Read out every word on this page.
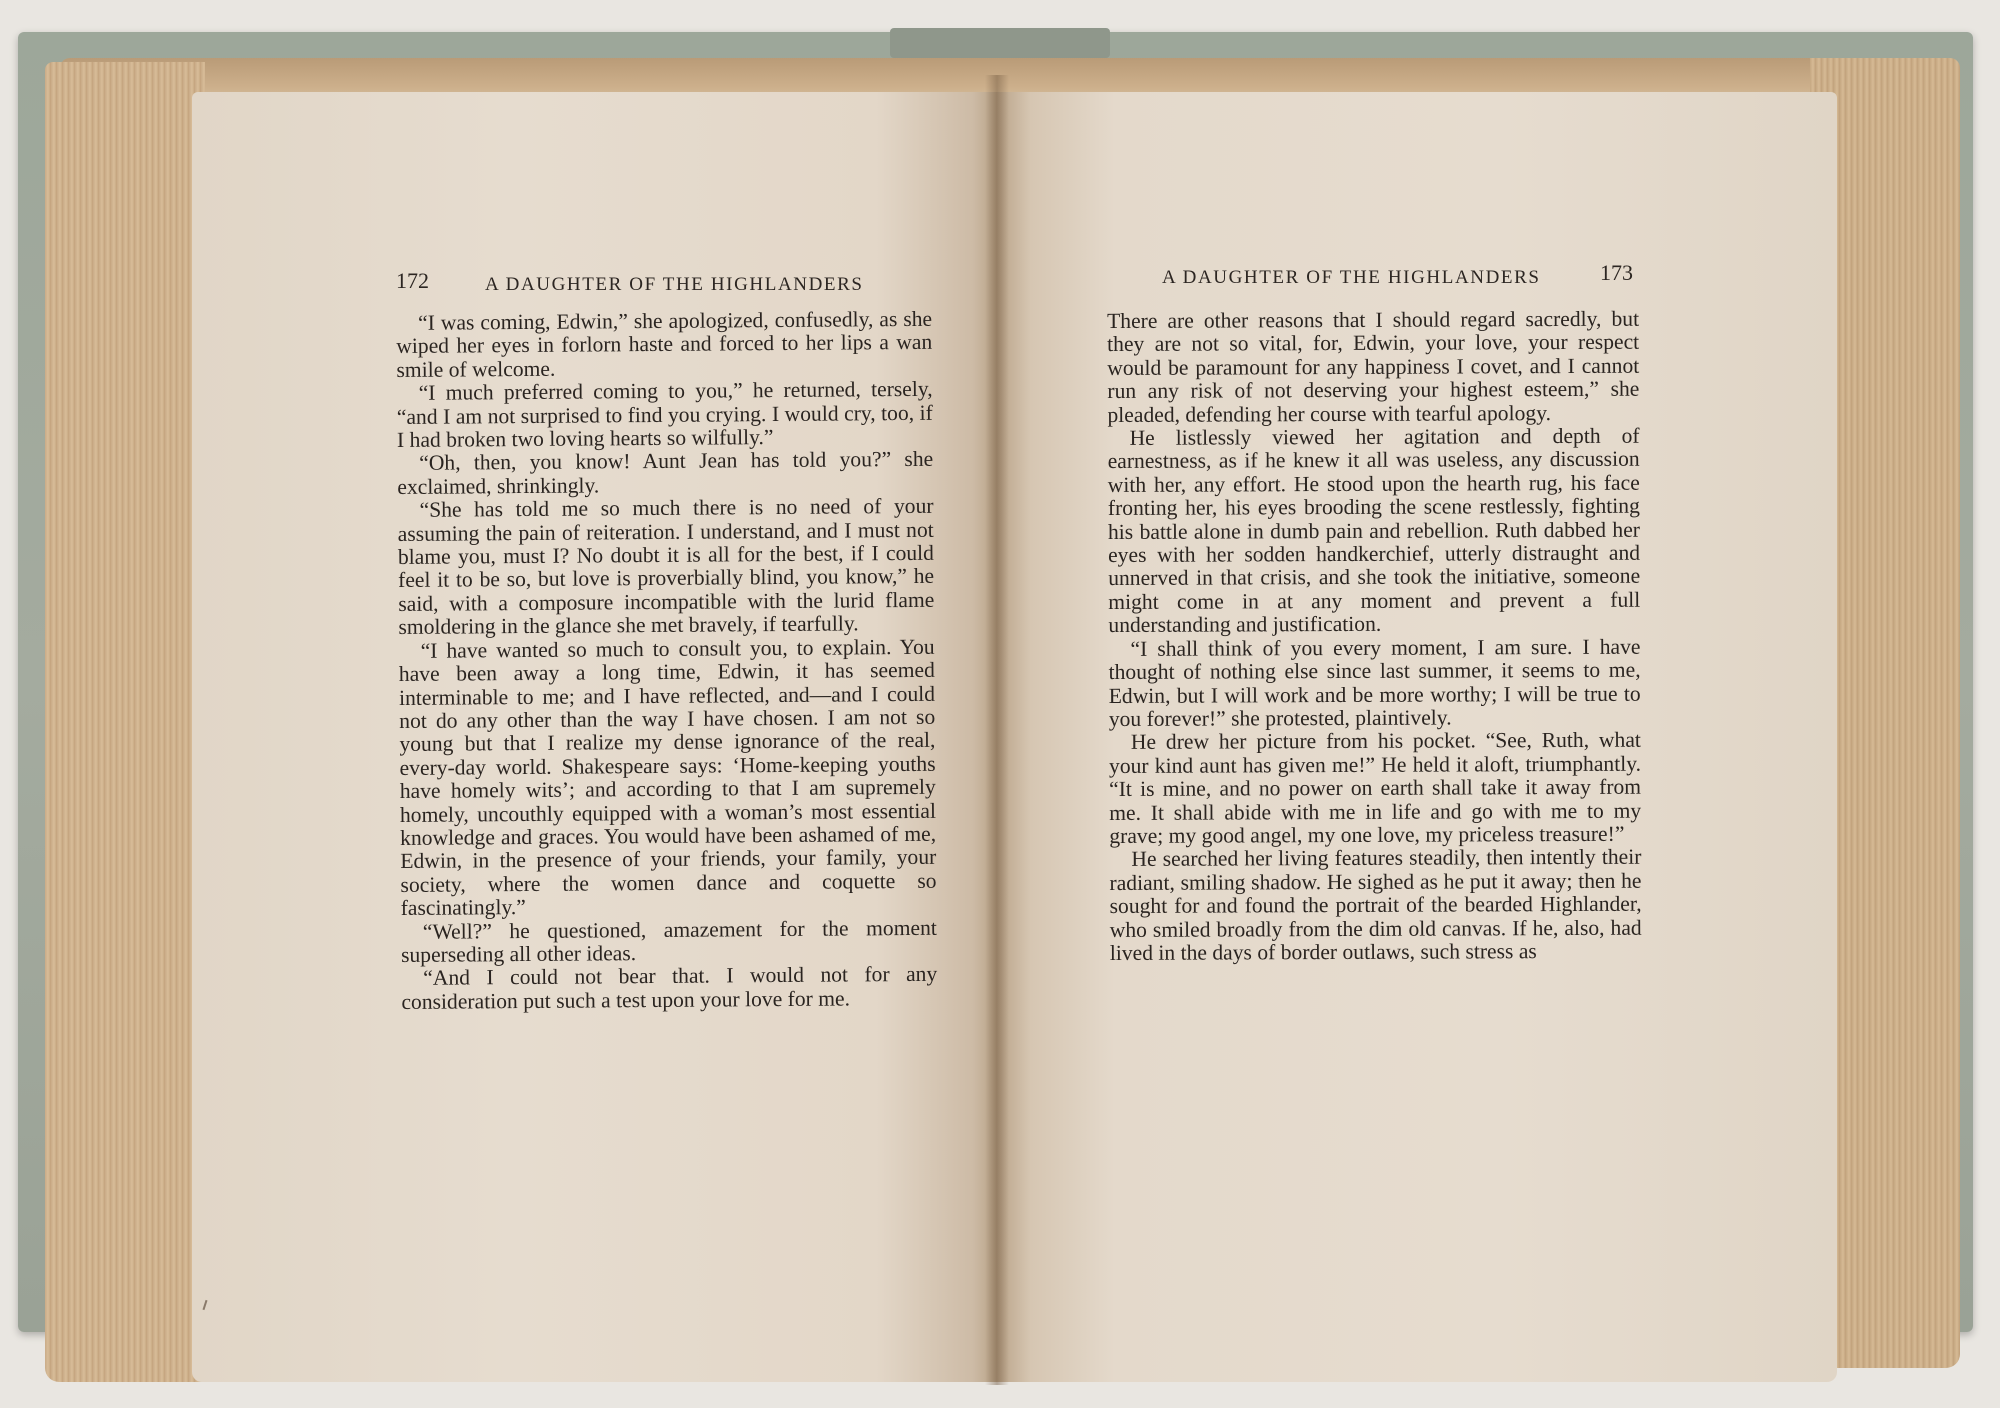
172	A DAUGHTER OF THE HIGHLANDERS	A DAUGHTER OF THE HIGHLANDERS	173

“I was coming, Edwin,” she apologized, confusedly, as she wiped her eyes in forlorn haste and forced to her lips a wan smile of welcome.

“I much preferred coming to you,” he returned, tersely, “and I am not surprised to find you crying. I would cry, too, if I had broken two loving hearts so wilfully.”

“Oh, then, you know! Aunt Jean has told you?” she exclaimed, shrinkingly.

“She has told me so much there is no need of your assuming the pain of reiteration. I understand, and I must not blame you, must I? No doubt it is all for the best, if I could feel it to be so, but love is proverbially blind, you know,” he said, with a composure incompatible with the lurid flame smoldering in the glance she met bravely, if tearfully.

“I have wanted so much to consult you, to explain. You have been away a long time, Edwin, it has seemed interminable to me; and I have reflected, and—and I could not do any other than the way I have chosen. I am not so young but that I realize my dense ignorance of the real, every-day world. Shakespeare says: ‘Home-keeping youths have homely wits’; and according to that I am supremely homely, uncouthly equipped with a woman’s most essential knowledge and graces. You would have been ashamed of me, Edwin, in the presence of your friends, your family, your society, where the women dance and coquette so fascinatingly.”

“Well?” he questioned, amazement for the moment superseding all other ideas.

“And I could not bear that. I would not for any consideration put such a test upon your love for me.

There are other reasons that I should regard sacredly, but they are not so vital, for, Edwin, your love, your respect would be paramount for any happiness I covet, and I cannot run any risk of not deserving your highest esteem,” she pleaded, defending her course with tearful apology.

He listlessly viewed her agitation and depth of earnestness, as if he knew it all was useless, any discussion with her, any effort. He stood upon the hearth rug, his face fronting her, his eyes brooding the scene restlessly, fighting his battle alone in dumb pain and rebellion. Ruth dabbed her eyes with her sodden handkerchief, utterly distraught and unnerved in that crisis, and she took the initiative, someone might come in at any moment and prevent a full understanding and justification.

“I shall think of you every moment, I am sure. I have thought of nothing else since last summer, it seems to me, Edwin, but I will work and be more worthy; I will be true to you forever!” she protested, plaintively.

He drew her picture from his pocket. “See, Ruth, what your kind aunt has given me!” He held it aloft, triumphantly. “It is mine, and no power on earth shall take it away from me. It shall abide with me in life and go with me to my grave; my good angel, my one love, my priceless treasure!”

He searched her living features steadily, then intently their radiant, smiling shadow. He sighed as he put it away; then he sought for and found the portrait of the bearded Highlander, who smiled broadly from the dim old canvas. If he, also, had lived in the days of border outlaws, such stress as
